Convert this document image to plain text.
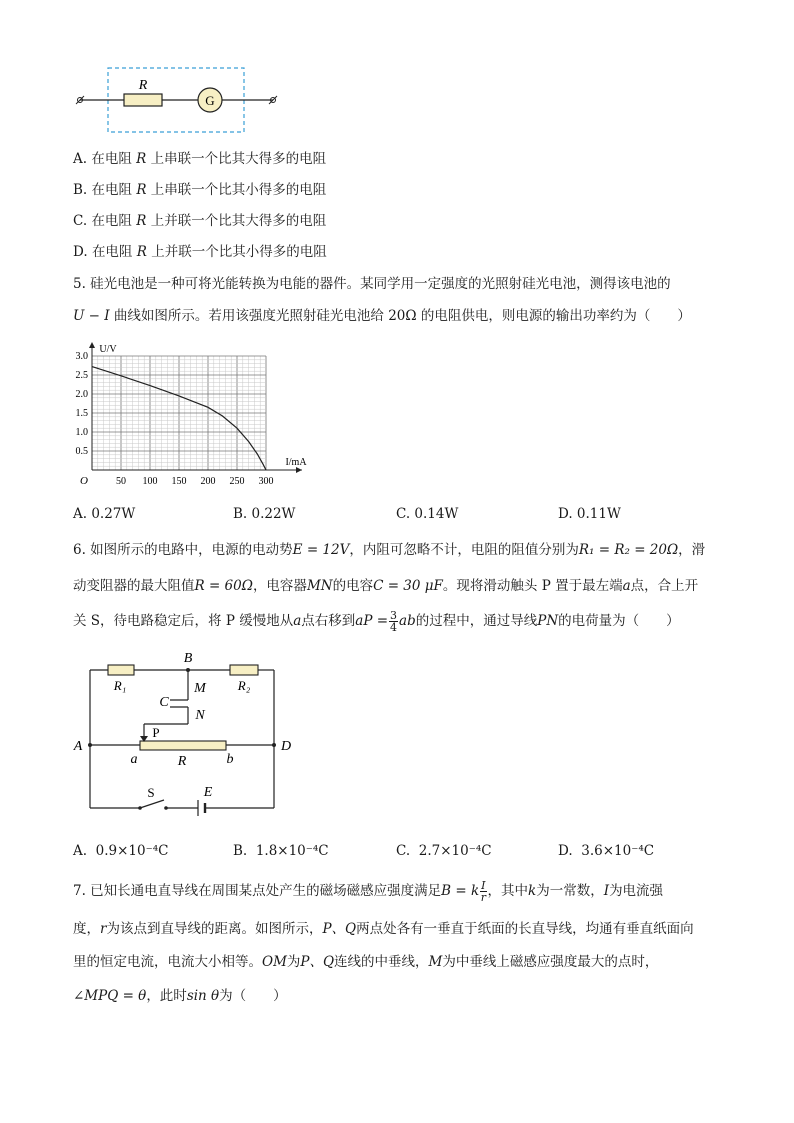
R
G
A. 在电阻 R 上串联一个比其大得多的电阻
B. 在电阻 R 上串联一个比其小得多的电阻
C. 在电阻 R 上并联一个比其大得多的电阻
D. 在电阻 R 上并联一个比其小得多的电阻
5. 硅光电池是一种可将光能转换为电能的器件。某同学用一定强度的光照射硅光电池，测得该电池的
U − I 曲线如图所示。若用该强度光照射硅光电池给 20Ω 的电阻供电，则电源的输出功率约为（　　）
50 100 150 200 250 300
0.5
1.0
1.5
2.0
2.5
3.0
O
I/mA
U/V
A. 0.27W	B. 0.22W	C. 0.14W	D. 0.11W
6. 如图所示的电路中，电源的电动势E = 12V，内阻可忽略不计，电阻的阻值分别为R₁ = R₂ = 20Ω，滑
动变阻器的最大阻值R = 60Ω，电容器MN的电容C = 30 μF。现将滑动触头 P 置于最左端a点，合上开
关 S，待电路稳定后，将 P 缓慢地从a点右移到aP = $\frac{3}{4}$ ab的过程中，通过导线PN的电荷量为（　　）
B
R₁	R₂
C
M
N
A	D
P
a	b
R
S	E
A. 0.9×10⁻⁴C	B. 1.8×10⁻⁴C	C. 2.7×10⁻⁴C	D. 3.6×10⁻⁴C
7. 已知长通电直导线在周围某点处产生的磁场磁感应强度满足B = k $\frac{I}{r}$ ，其中k为一常数，I为电流强
度，r为该点到直导线的距离。如图所示，P、Q两点处各有一垂直于纸面的长直导线，均通有垂直纸面向
里的恒定电流，电流大小相等。OM为P、Q连线的中垂线，M为中垂线上磁感应强度最大的点时，
∠MPQ = θ，此时sin θ为（　　）
